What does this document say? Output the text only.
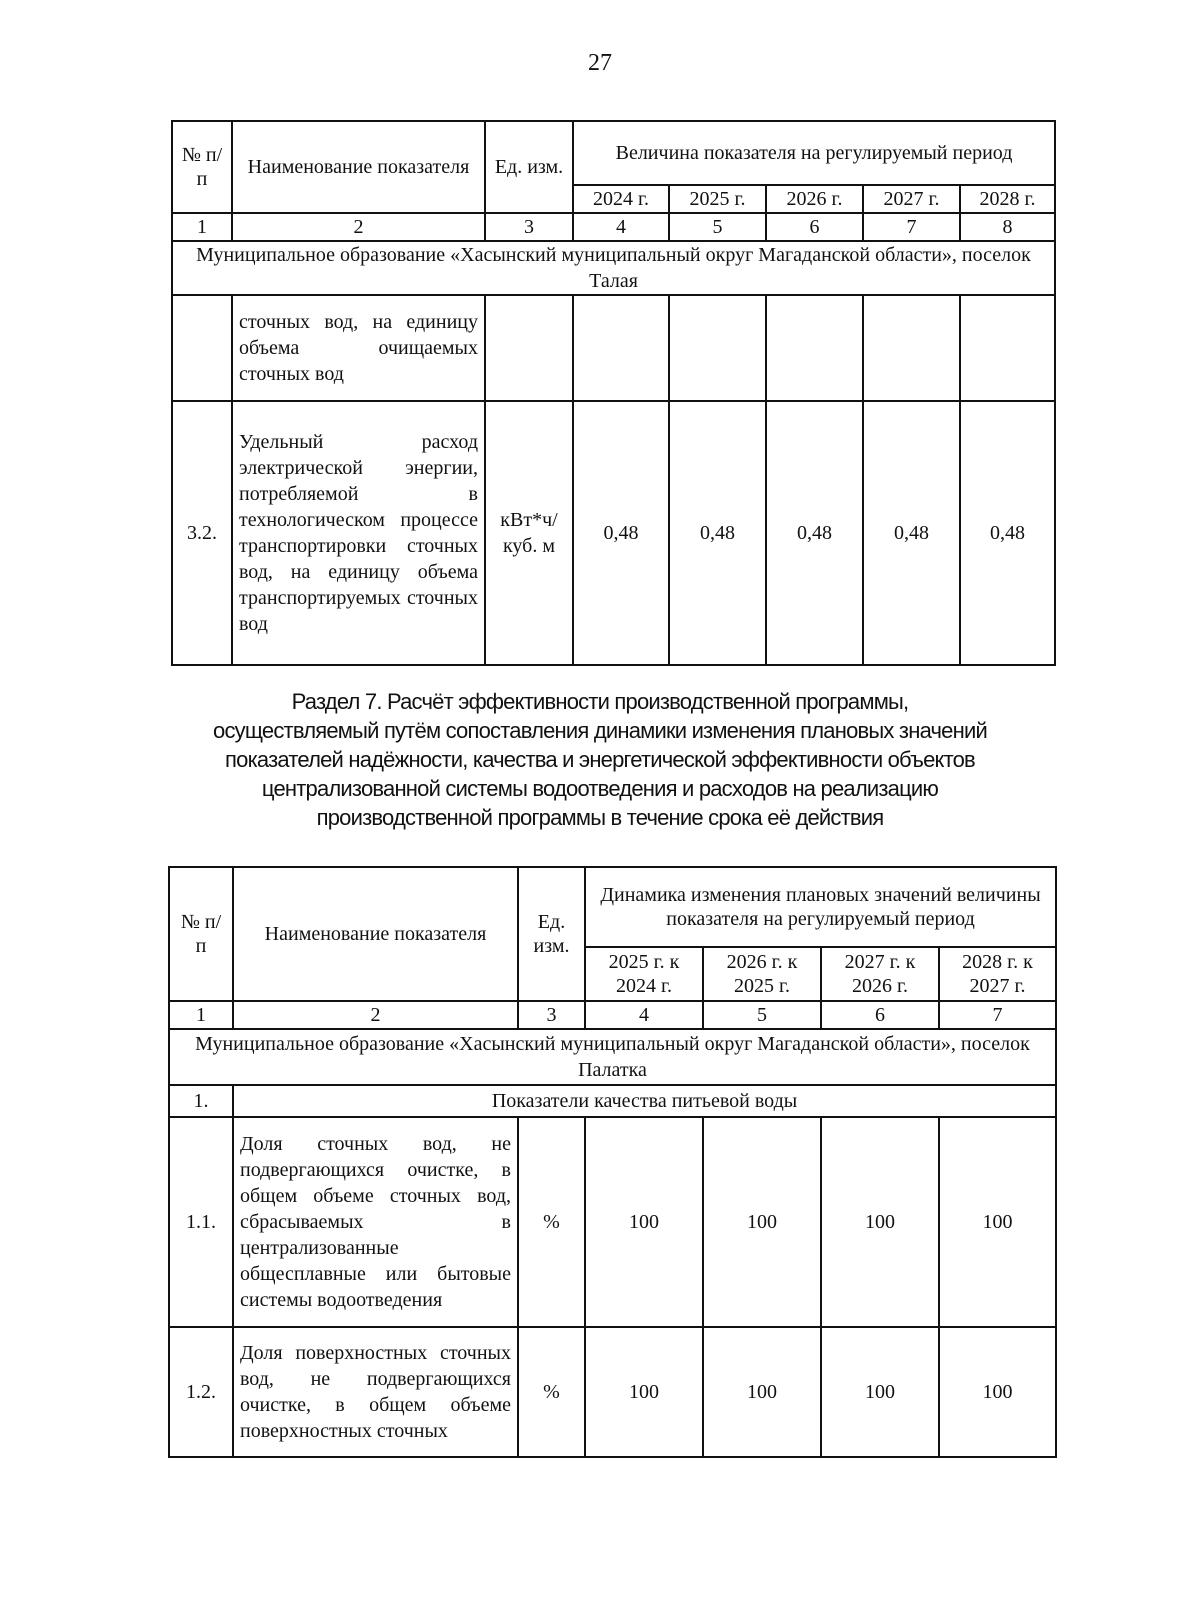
27
№ п/п	Наименование показателя	Ед. изм.	Величина показателя на регулируемый период				
			2024 г.	2025 г.	2026 г.	2027 г.	2028 г.
1	2	3	4	5	6	7	8
Муниципальное образование «Хасынский муниципальный округ Магаданской области», поселок Талая							
	сточных вод, на единицу объема очищаемых сточных вод						
3.2.	Удельный расход электрической энергии, потребляемой в технологическом процессе транспортировки сточных вод, на единицу объема транспортируемых сточных вод	кВт*ч/ куб. м	0,48	0,48	0,48	0,48	0,48
Раздел 7. Расчёт эффективности производственной программы,
осуществляемый путём сопоставления динамики изменения плановых значений
показателей надёжности, качества и энергетической эффективности объектов
централизованной системы водоотведения и расходов на реализацию
производственной программы в течение срока её действия
№ п/п	Наименование показателя	Ед. изм.	Динамика изменения плановых значений величины показателя на регулируемый период			
			2025 г. к 2024 г.	2026 г. к 2025 г.	2027 г. к 2026 г.	2028 г. к 2027 г.
1	2	3	4	5	6	7
Муниципальное образование «Хасынский муниципальный округ Магаданской области», поселок Палатка						
1.	Показатели качества питьевой воды					
1.1.	Доля сточных вод, не подвергающихся очистке, в общем объеме сточных вод, сбрасываемых в централизованные общесплавные или бытовые системы водоотведения	%	100	100	100	100
1.2.	Доля поверхностных сточных вод, не подвергающихся очистке, в общем объеме поверхностных сточных	%	100	100	100	100
